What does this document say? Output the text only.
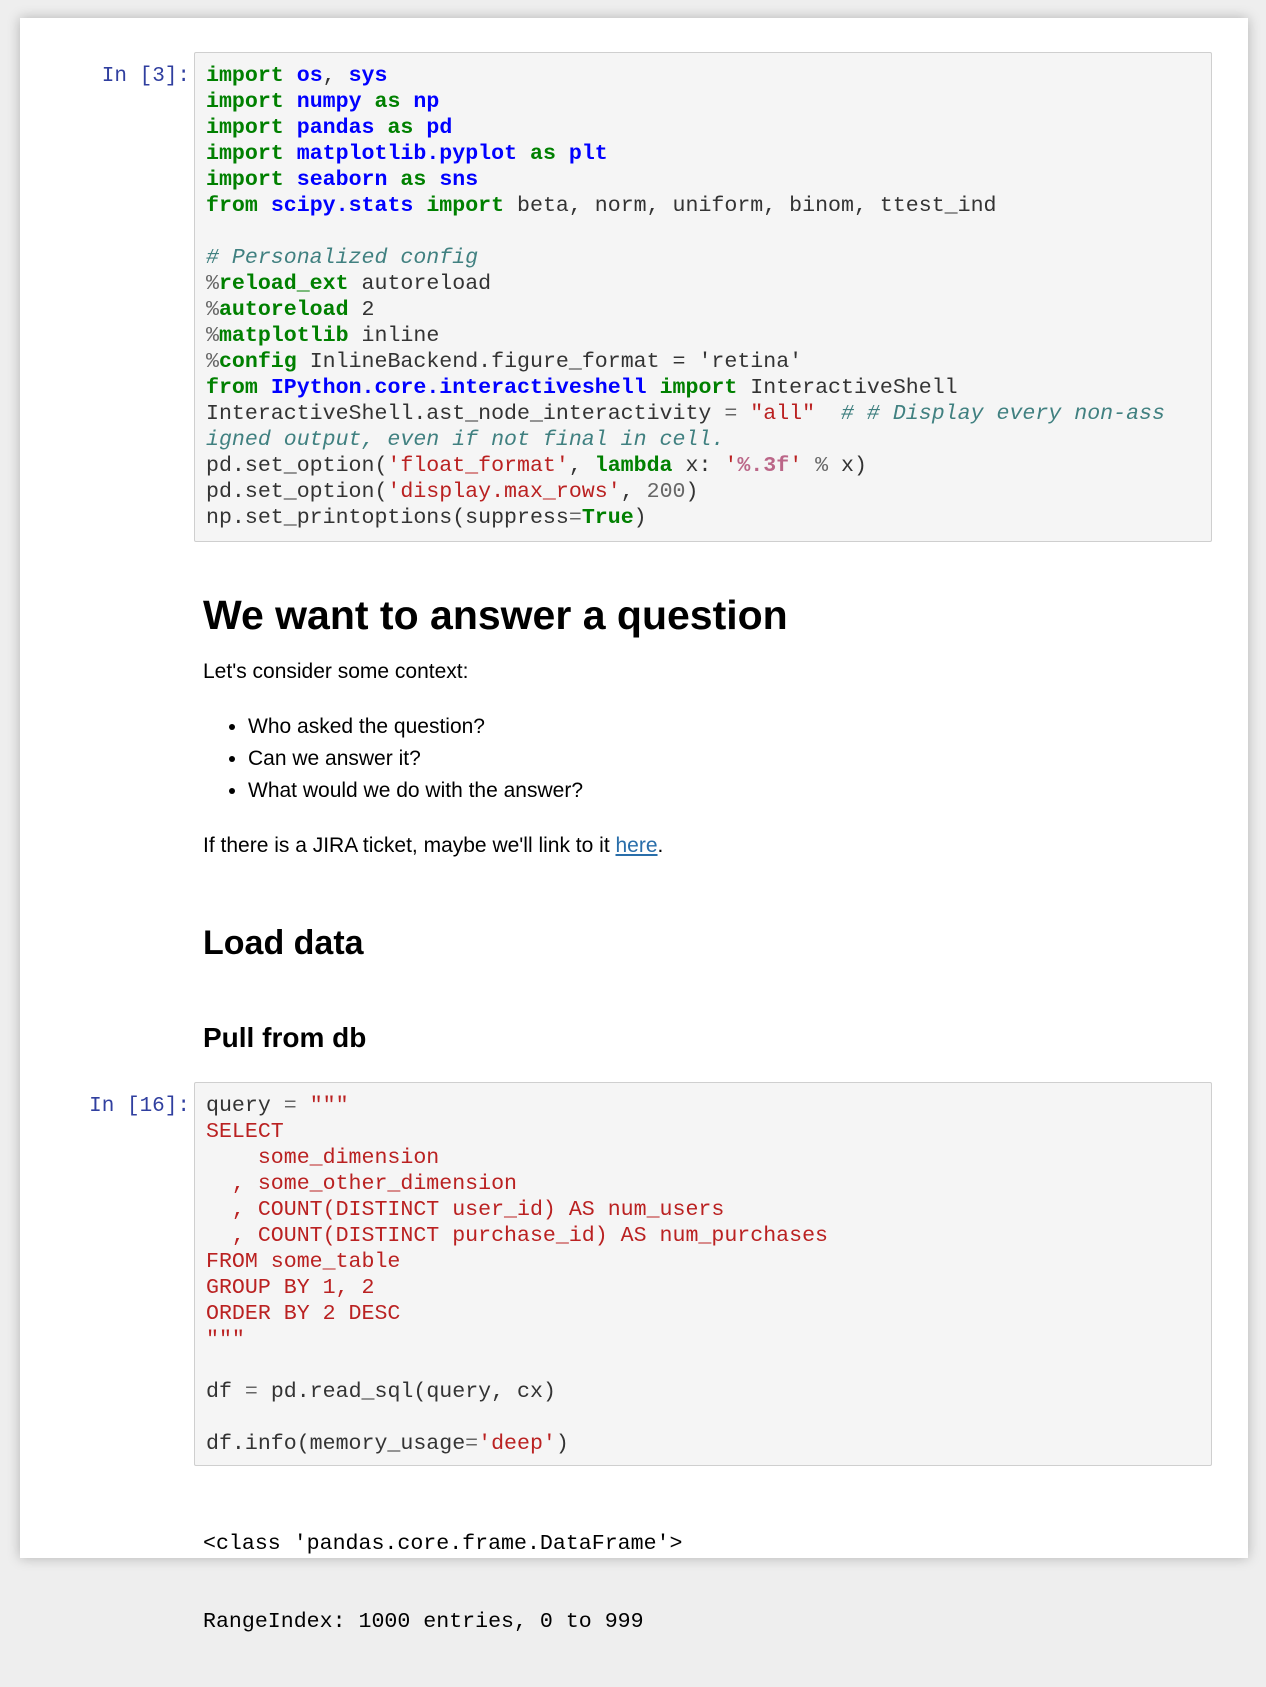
In [3]: import os, sys
import numpy as np
import pandas as pd
import matplotlib.pyplot as plt
import seaborn as sns
from scipy.stats import beta, norm, uniform, binom, ttest_ind
# Personalized config
%reload_ext autoreload
%autoreload 2
%matplotlib inline
%config InlineBackend.figure_format = 'retina'
from IPython.core.interactiveshell import InteractiveShell
InteractiveShell.ast_node_interactivity = "all" # # Display every non-ass
igned output, even if not final in cell.
pd.set_option('float_format', lambda x: '%.3f' % x)
pd.set_option('display.max_rows', 200)
np.set_printoptions(suppress=True)
We want to answer a question

Let's consider some context:

• Who asked the question?
• Can we answer it?
• What would we do with the answer?

If there is a JIRA ticket, maybe we'll link to it here.

Load data
Pull from db
In [16]: query = """
SELECT
some_dimension
, some_other_dimension
, COUNT(DISTINCT user_id) AS num_users
, COUNT(DISTINCT purchase_id) AS num_purchases
FROM some_table
GROUP BY 1, 2
ORDER BY 2 DESC
"""
df = pd.read_sql(query, cx)
df.info(memory_usage='deep')

<class 'pandas.core.frame.DataFrame'>

RangeIndex: 1000 entries, 0 to 999
